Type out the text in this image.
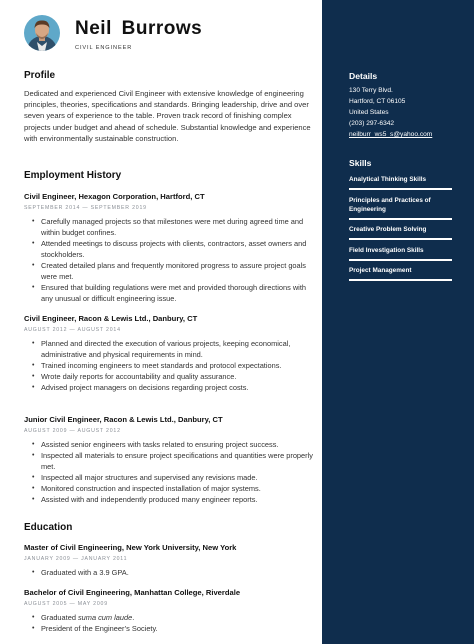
Neil Burrows
CIVIL ENGINEER
Profile
Dedicated and experienced Civil Engineer with extensive knowledge of engineering principles, theories, specifications and standards. Bringing leadership, drive and over seven years of experience to the table. Proven track record of finishing complex projects under budget and ahead of schedule. Substantial knowledge and experience with environmentally sustainable construction.
Employment History
Civil Engineer, Hexagon Corporation, Hartford, CT
SEPTEMBER 2014 — SEPTEMBER 2019
• Carefully managed projects so that milestones were met during agreed time and within budget confines.
• Attended meetings to discuss projects with clients, contractors, asset owners and stockholders.
• Created detailed plans and frequently monitored progress to assure project goals were met.
• Ensured that building regulations were met and provided thorough directions with any unusual or difficult engineering issue.
Civil Engineer, Racon & Lewis Ltd., Danbury, CT
AUGUST 2012 — AUGUST 2014
• Planned and directed the execution of various projects, keeping economical, administrative and physical requirements in mind.
• Trained incoming engineers to meet standards and protocol expectations.
• Wrote daily reports for accountability and quality assurance.
• Advised project managers on decisions regarding project costs.
Junior Civil Engineer, Racon & Lewis Ltd., Danbury, CT
AUGUST 2009 — AUGUST 2012
• Assisted senior engineers with tasks related to ensuring project success.
• Inspected all materials to ensure project specifications and quantities were properly met.
• Inspected all major structures and supervised any revisions made.
• Monitored construction and inspected installation of major systems.
• Assisted with and independently produced many engineer reports.
Education
Master of Civil Engineering, New York University, New York
JANUARY 2009 — JANUARY 2011
• Graduated with a 3.9 GPA.
Bachelor of Civil Engineering, Manhattan College, Riverdale
AUGUST 2005 — MAY 2009
• Graduated suma cum laude.
• President of the Engineer’s Society.
Details
130 Terry Blvd.
Hartford, CT 06105
United States
(203) 297-6342
neilburr_ws5_s@yahoo.com
Skills
Analytical Thinking Skills
Principles and Practices of Engineering
Creative Problem Solving
Field Investigation Skills
Project Management
